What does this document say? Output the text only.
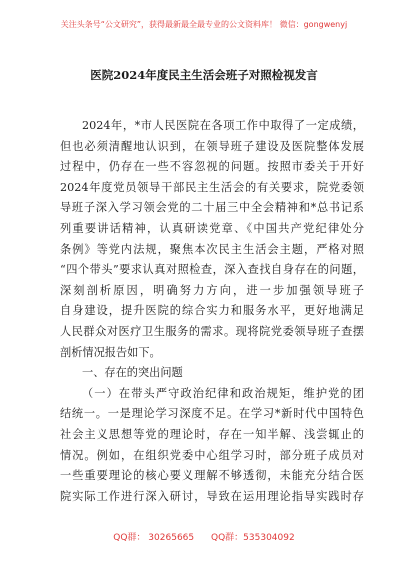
关注头条号“公文研究”，获得最新最全最专业的公文资料库！ 微信：gongwenyj
医院2024年度民主生活会班子对照检视发言
2024年，*市人民医院在各项工作中取得了一定成绩，
但也必须清醒地认识到，在领导班子建设及医院整体发展
过程中，仍存在一些不容忽视的问题。按照市委关于开好
2024年度党员领导干部民主生活会的有关要求，院党委领
导班子深入学习领会党的二十届三中全会精神和*总书记系
列重要讲话精神，认真研读党章、《中国共产党纪律处分
条例》等党内法规，聚焦本次民主生活会主题，严格对照
“四个带头”要求认真对照检查，深入查找自身存在的问题，
深刻剖析原因，明确努力方向，进一步加强领导班子
自身建设，提升医院的综合实力和服务水平，更好地满足
人民群众对医疗卫生服务的需求。现将院党委领导班子查摆
剖析情况报告如下。
一、存在的突出问题
（一）在带头严守政治纪律和政治规矩，维护党的团
结统一。一是理论学习深度不足。在学习*新时代中国特色
社会主义思想等党的理论时，存在一知半解、浅尝辄止的
情况。例如，在组织党委中心组学习时，部分班子成员对
一些重要理论的核心要义理解不够透彻，未能充分结合医
院实际工作进行深入研讨，导致在运用理论指导实践时存
QQ群： 30265665 QQ群：535304092
